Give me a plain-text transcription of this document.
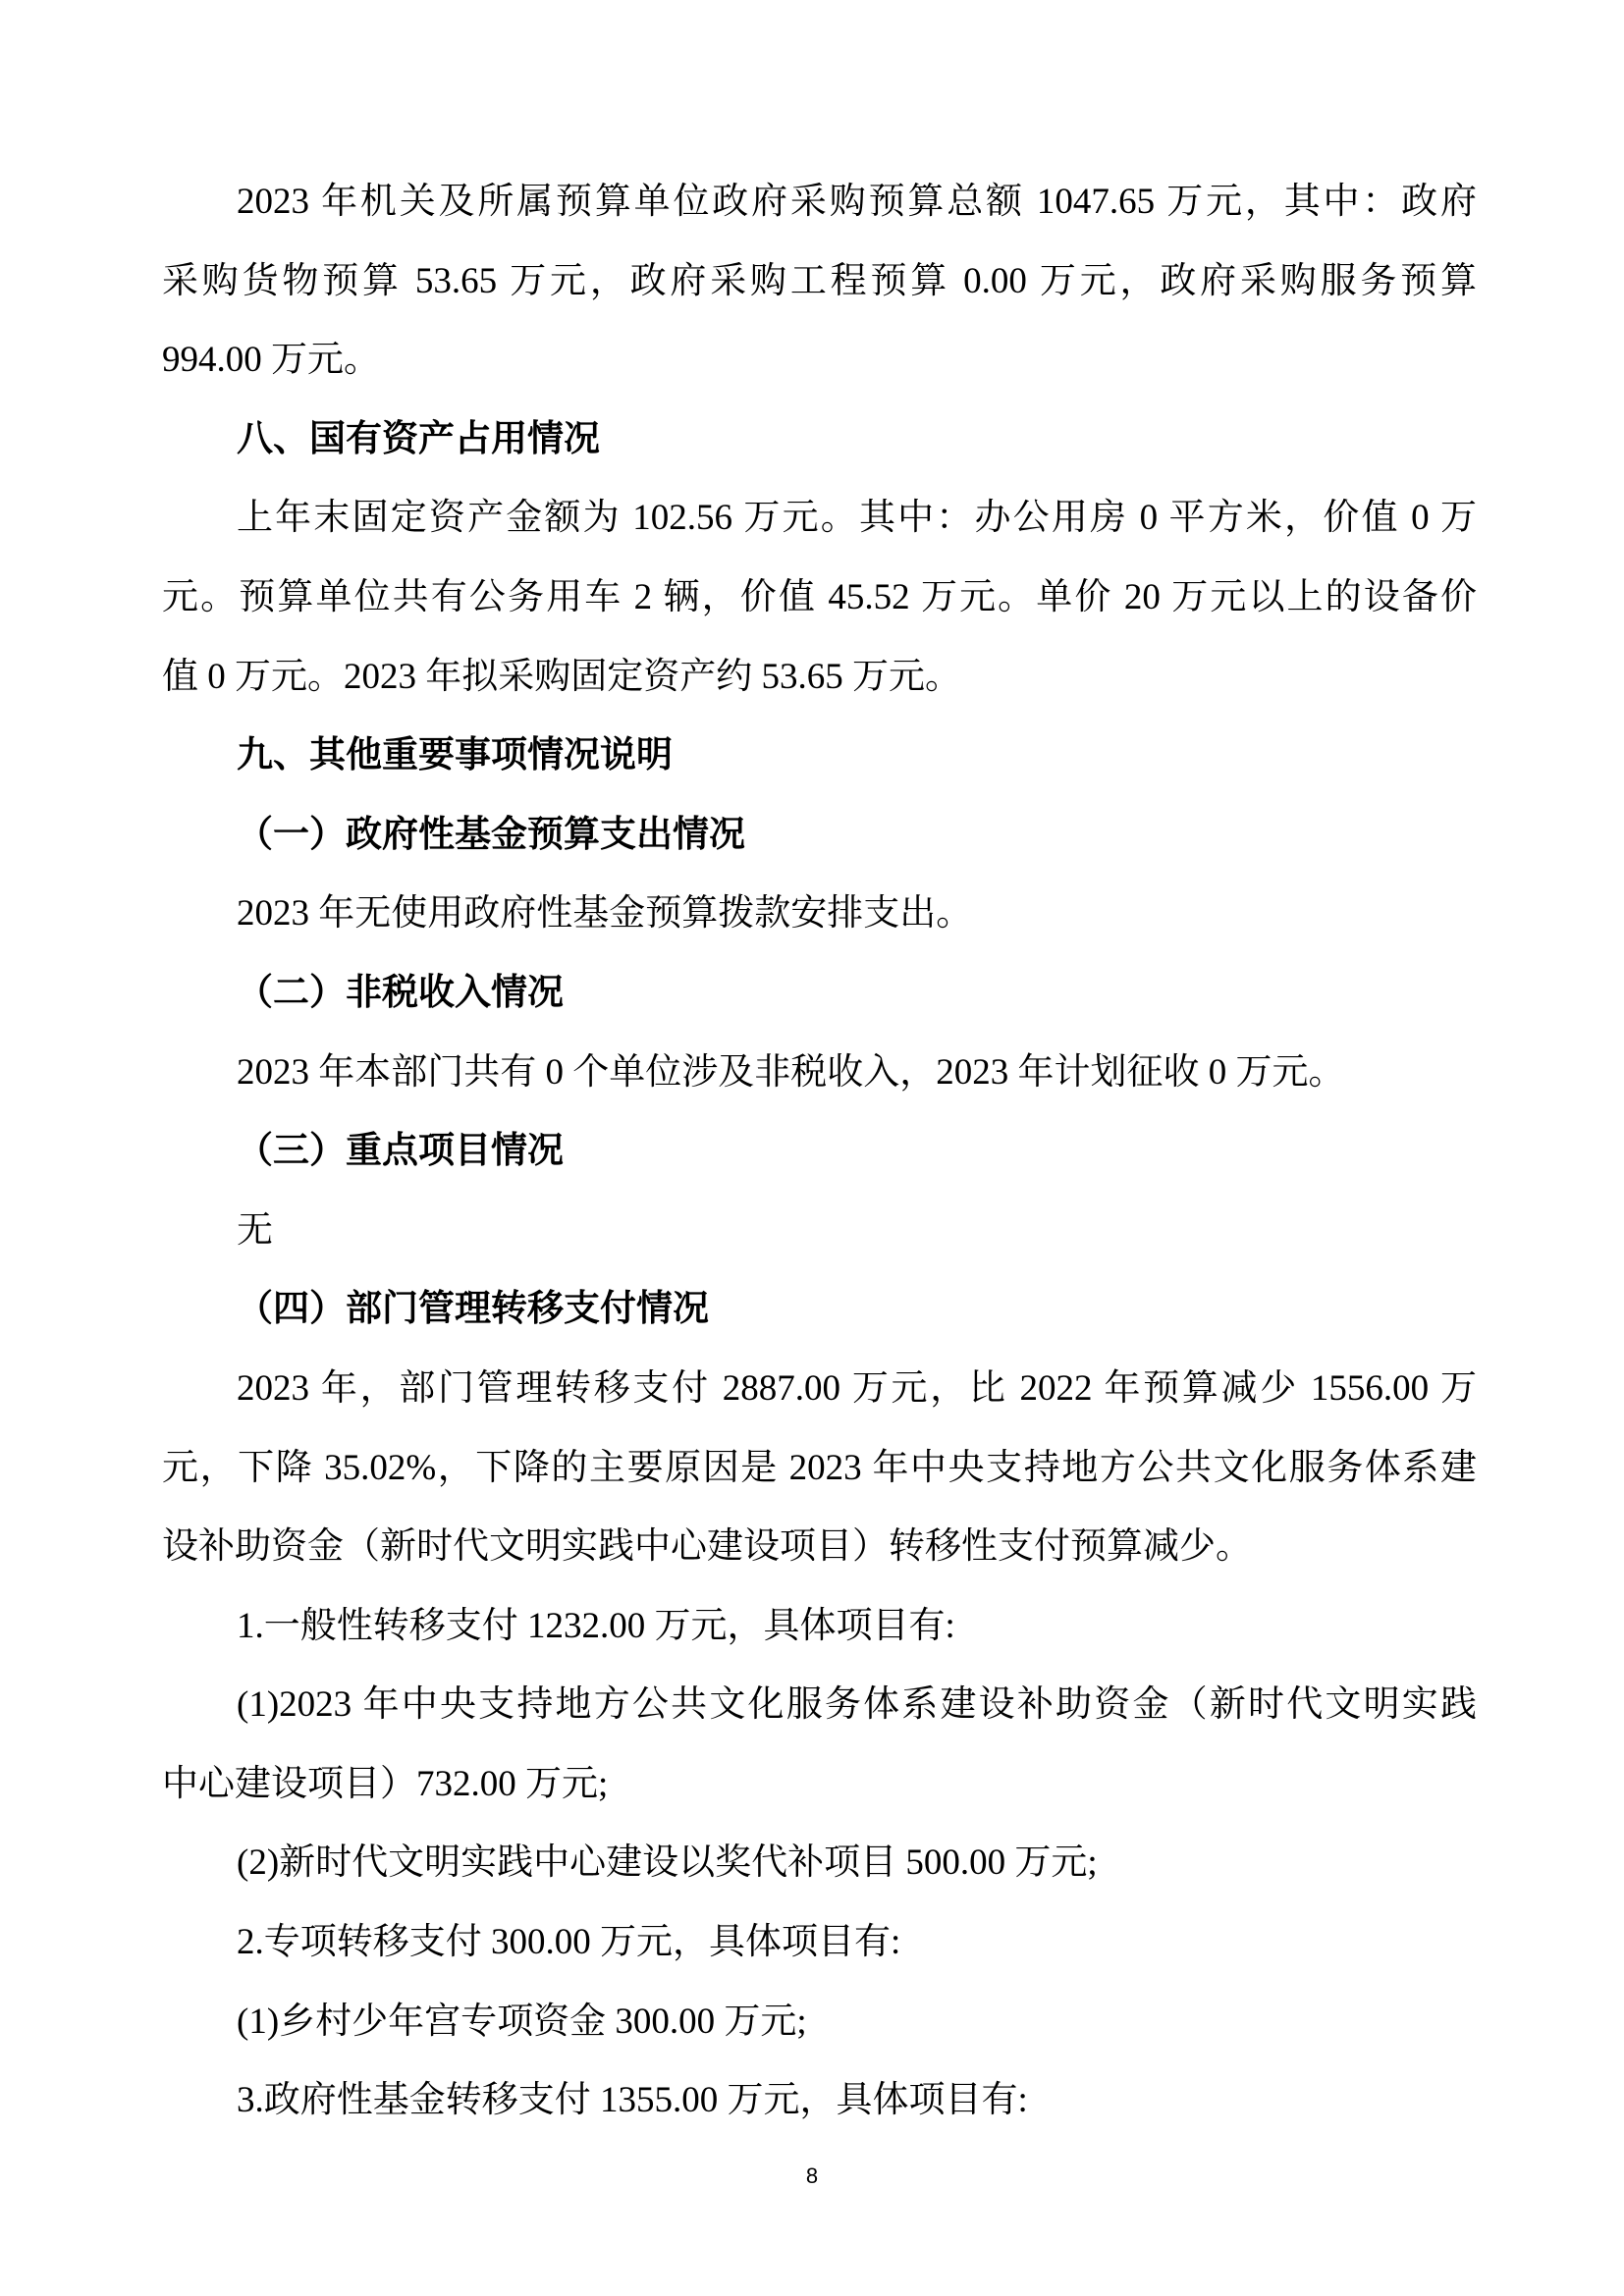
2023 年机关及所属预算单位政府采购预算总额 1047.65 万元，其中：政府
采购货物预算 53.65 万元，政府采购工程预算 0.00 万元，政府采购服务预算
994.00 万元。
八、国有资产占用情况
上年末固定资产金额为 102.56 万元。其中：办公用房 0 平方米，价值 0 万
元。预算单位共有公务用车 2 辆，价值 45.52 万元。单价 20 万元以上的设备价
值 0 万元。2023 年拟采购固定资产约 53.65 万元。
九、其他重要事项情况说明
（一）政府性基金预算支出情况
2023 年无使用政府性基金预算拨款安排支出。
（二）非税收入情况
2023 年本部门共有 0 个单位涉及非税收入，2023 年计划征收 0 万元。
（三）重点项目情况
无
（四）部门管理转移支付情况
2023 年，部门管理转移支付 2887.00 万元，比 2022 年预算减少 1556.00 万
元，下降 35.02%，下降的主要原因是 2023 年中央支持地方公共文化服务体系建
设补助资金（新时代文明实践中心建设项目）转移性支付预算减少。
1.一般性转移支付 1232.00 万元，具体项目有:
(1)2023 年中央支持地方公共文化服务体系建设补助资金（新时代文明实践
中心建设项目）732.00 万元;
(2)新时代文明实践中心建设以奖代补项目 500.00 万元;
2.专项转移支付 300.00 万元，具体项目有:
(1)乡村少年宫专项资金 300.00 万元;
3.政府性基金转移支付 1355.00 万元，具体项目有:
8
